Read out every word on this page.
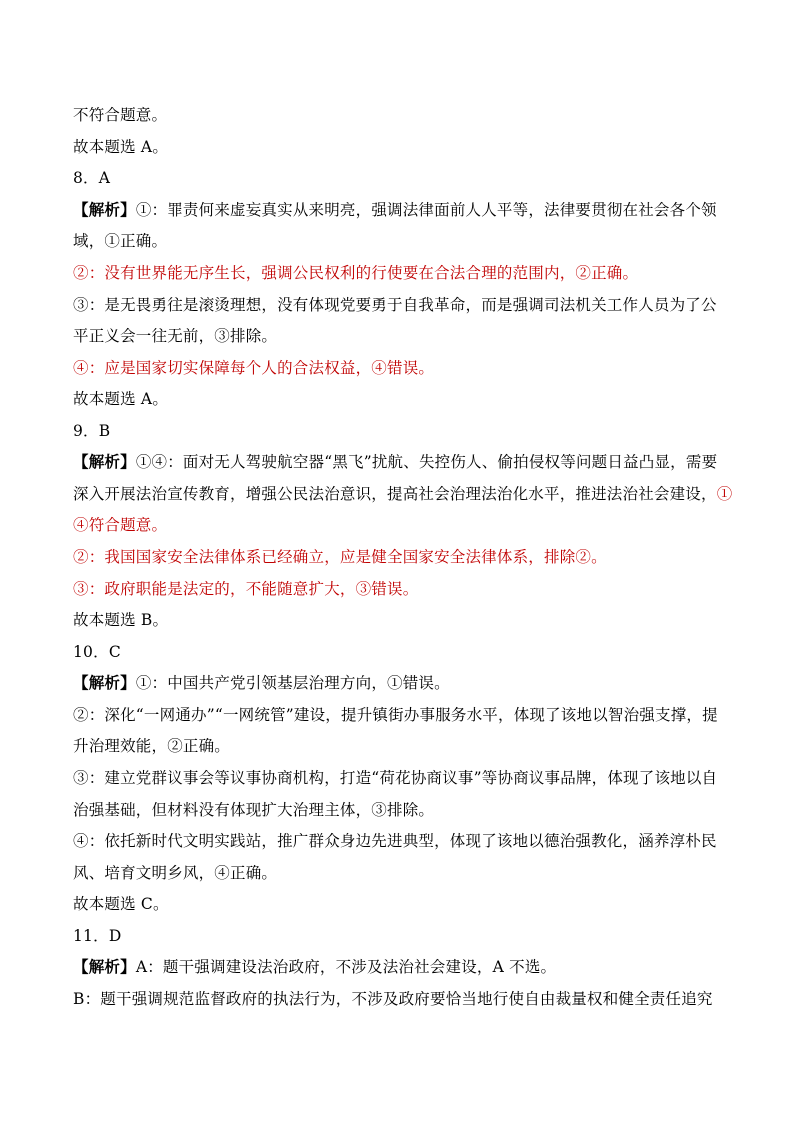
不符合题意。
故本题选 A。
8．A
【解析】①：罪责何来虚妄真实从来明亮，强调法律面前人人平等，法律要贯彻在社会各个领
域，①正确。
②：没有世界能无序生长，强调公民权利的行使要在合法合理的范围内，②正确。
③：是无畏勇往是滚烫理想，没有体现党要勇于自我革命，而是强调司法机关工作人员为了公
平正义会一往无前，③排除。
④：应是国家切实保障每个人的合法权益，④错误。
故本题选 A。
9．B
【解析】①④：面对无人驾驶航空器“黑飞”扰航、失控伤人、偷拍侵权等问题日益凸显，需要
深入开展法治宣传教育，增强公民法治意识，提高社会治理法治化水平，推进法治社会建设，①
④符合题意。
②：我国国家安全法律体系已经确立，应是健全国家安全法律体系，排除②。
③：政府职能是法定的，不能随意扩大，③错误。
故本题选 B。
10．C
【解析】①：中国共产党引领基层治理方向，①错误。
②：深化“一网通办”“一网统管”建设，提升镇街办事服务水平，体现了该地以智治强支撑，提
升治理效能，②正确。
③：建立党群议事会等议事协商机构，打造“荷花协商议事”等协商议事品牌，体现了该地以自
治强基础，但材料没有体现扩大治理主体，③排除。
④：依托新时代文明实践站，推广群众身边先进典型，体现了该地以德治强教化，涵养淳朴民
风、培育文明乡风，④正确。
故本题选 C。
11．D
【解析】A：题干强调建设法治政府，不涉及法治社会建设，A 不选。
B：题干强调规范监督政府的执法行为，不涉及政府要恰当地行使自由裁量权和健全责任追究
